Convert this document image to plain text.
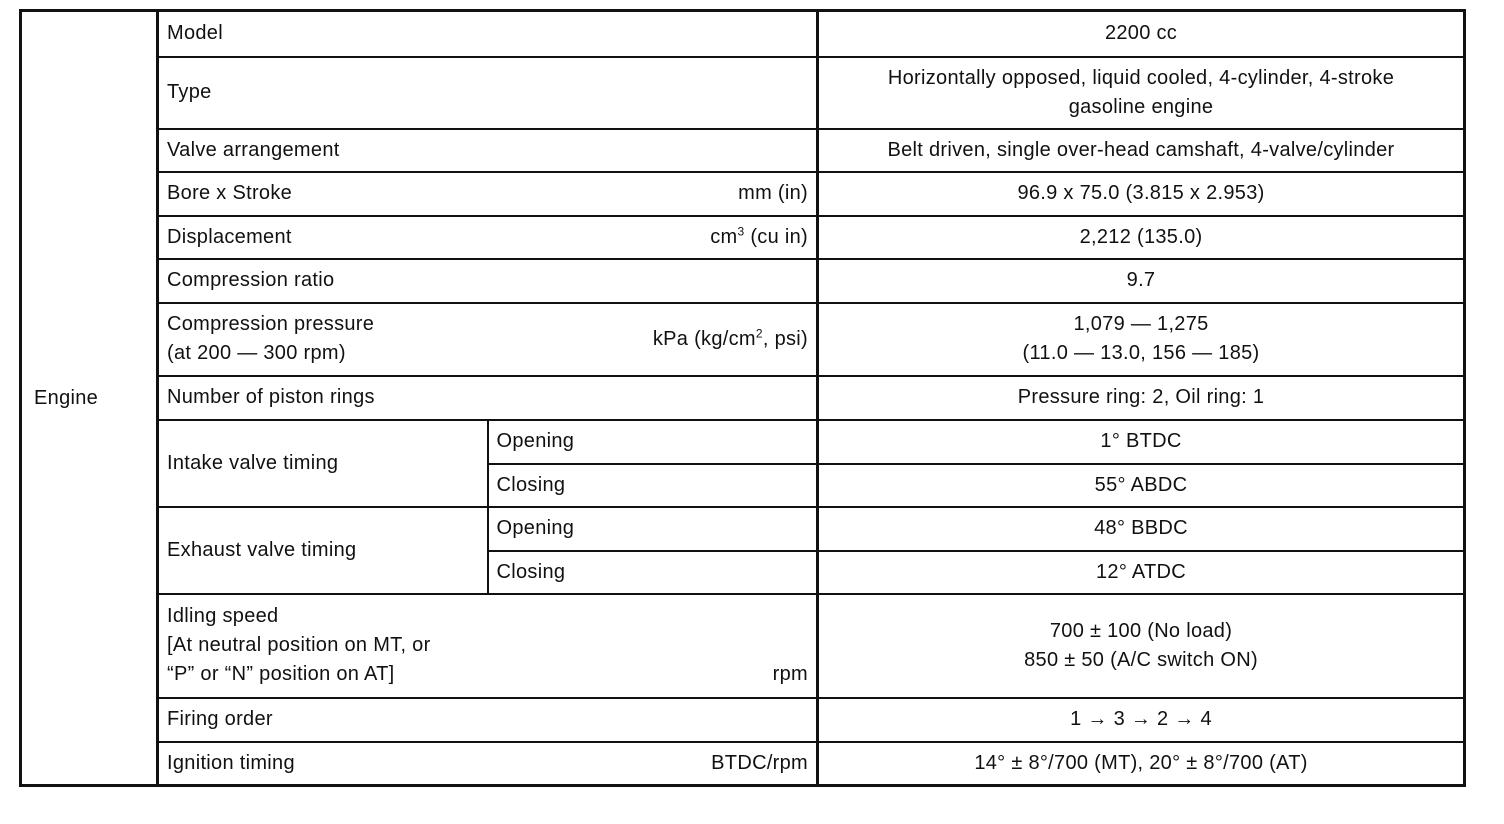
Engine	Model		2200 cc
	Type		Horizontally opposed, liquid cooled, 4-cylinder, 4-stroke
gasoline engine

	Valve arrangement		Belt driven, single over-head camshaft, 4-valve/cylinder

	Bore x Stroke mm (in)		96.9 x 75.0 (3.815 x 2.953)

	Displacement $cm^3$ (cu in)		2,212 (135.0)
	Compression ratio		9.7

	Compression pressure
(at 200 — 300 rpm)
kPa ($kg/cm^2$, psi)		1,079 — 1,275
(11.0 — 13.0, 156 — 185)

	Number of piston rings		Pressure ring: 2, Oil ring: 1
	Intake valve timing	Opening	1° BTDC
		Closing	55° ABDC
	Exhaust valve timing	Opening	48° BBDC
		Closing	12° ATDC

	Idling speed
[At neutral position on MT, or
“P” or “N” position on AT] rpm		700 ± 100 (No load)
850 ± 50 (A/C switch ON)

	Firing order		1 → 3 → 2 → 4

	Ignition timing BTDC/rpm		14° ± 8°/700 (MT), 20° ± 8°/700 (AT)
